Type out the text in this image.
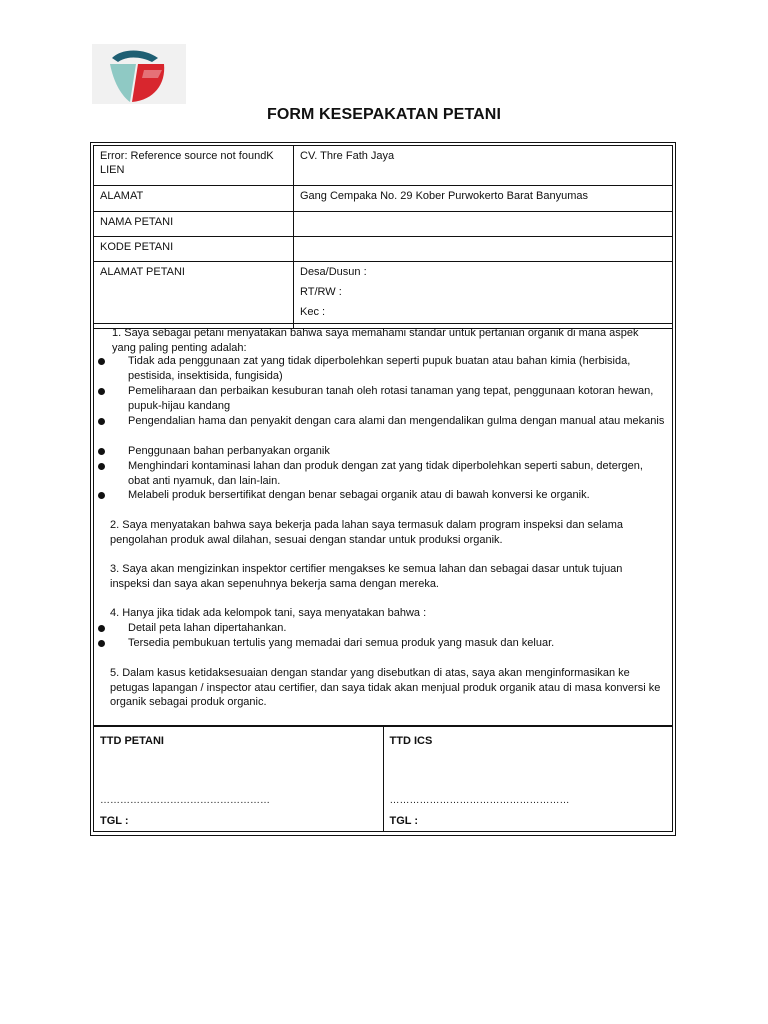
FORM KESEPAKATAN PETANI
Error: Reference source not foundK LIEN	CV. Thre Fath Jaya
ALAMAT	Gang Cempaka No. 29 Kober Purwokerto Barat Banyumas
NAMA PETANI	
KODE PETANI	
ALAMAT PETANI	Desa/Dusun :
RT/RW :
Kec :
1. Saya sebagai petani menyatakan bahwa saya memahami standar untuk pertanian organik di mana aspek yang paling penting adalah:
Tidak ada penggunaan zat yang tidak diperbolehkan seperti pupuk buatan atau bahan kimia (herbisida, pestisida, insektisida, fungisida)
Pemeliharaan dan perbaikan kesuburan tanah oleh rotasi tanaman yang tepat, penggunaan kotoran hewan, pupuk-hijau kandang
Pengendalian hama dan penyakit dengan cara alami dan mengendalikan gulma dengan manual atau mekanis
Penggunaan bahan perbanyakan organik
Menghindari kontaminasi lahan dan produk dengan zat yang tidak diperbolehkan seperti sabun, detergen, obat anti nyamuk, dan lain-lain.
Melabeli produk bersertifikat dengan benar sebagai organik atau di bawah konversi ke organik.
2. Saya menyatakan bahwa saya bekerja pada lahan saya termasuk dalam program inspeksi dan selama pengolahan produk awal dilahan, sesuai dengan standar untuk produksi organik.
3. Saya akan mengizinkan inspektor certifier mengakses ke semua lahan dan sebagai dasar untuk tujuan inspeksi dan saya akan sepenuhnya bekerja sama dengan mereka.
4. Hanya jika tidak ada kelompok tani, saya menyatakan bahwa :
Detail peta lahan dipertahankan.
Tersedia pembukuan tertulis yang memadai dari semua produk yang masuk dan keluar.
5. Dalam kasus ketidaksesuaian dengan standar yang disebutkan di atas, saya akan menginformasikan ke petugas lapangan / inspector atau certifier, dan saya tidak akan menjual produk organik atau di masa konversi ke organik sebagai produk organic.
TTD PETANI
……………………………………………
TGL :

TTD ICS
………………………………………………
TGL :
